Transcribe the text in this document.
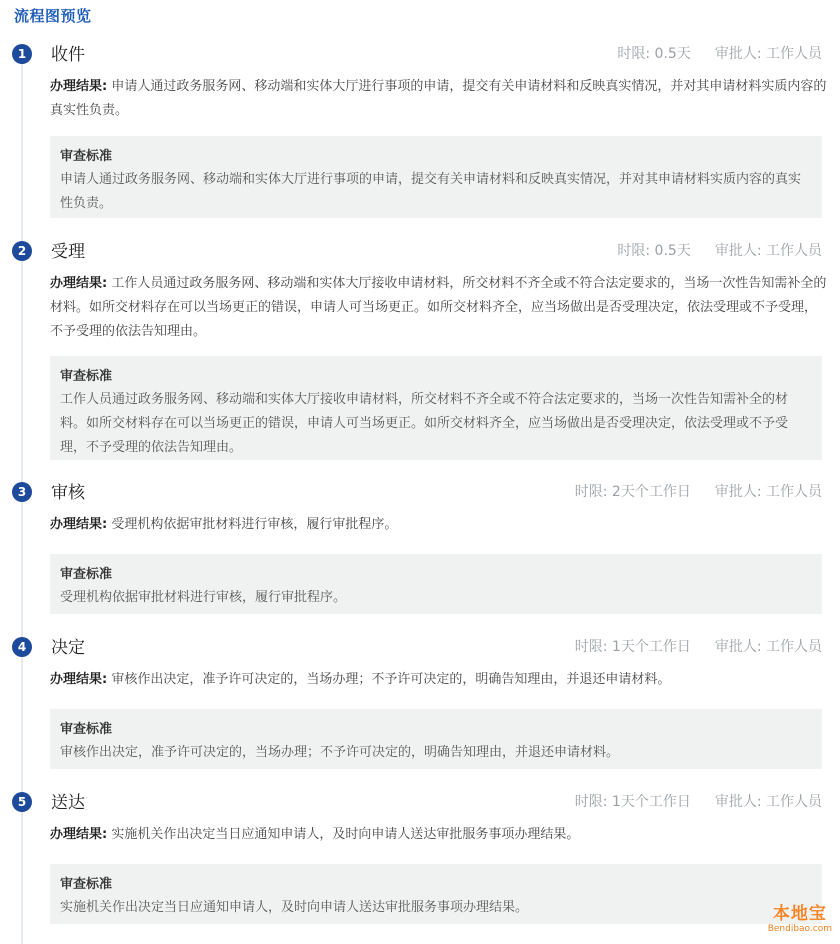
流程图预览
1	收件	时限: 0.5天 审批人: 工作人员
办理结果: 申请人通过政务服务网、移动端和实体大厅进行事项的申请，提交有关申请材料和反映真实情况，并对其申请材料实质内容的真实性负责。
审查标准
申请人通过政务服务网、移动端和实体大厅进行事项的申请，提交有关申请材料和反映真实情况，并对其申请材料实质内容的真实性负责。
2	受理	时限: 0.5天 审批人: 工作人员
办理结果: 工作人员通过政务服务网、移动端和实体大厅接收申请材料，所交材料不齐全或不符合法定要求的，当场一次性告知需补全的材料。如所交材料存在可以当场更正的错误，申请人可当场更正。如所交材料齐全，应当场做出是否受理决定，依法受理或不予受理，不予受理的依法告知理由。
审查标准
工作人员通过政务服务网、移动端和实体大厅接收申请材料，所交材料不齐全或不符合法定要求的，当场一次性告知需补全的材料。如所交材料存在可以当场更正的错误，申请人可当场更正。如所交材料齐全，应当场做出是否受理决定，依法受理或不予受理，不予受理的依法告知理由。
3	审核	时限: 2天个工作日 审批人: 工作人员
办理结果: 受理机构依据审批材料进行审核，履行审批程序。
审查标准
受理机构依据审批材料进行审核，履行审批程序。
4	决定	时限: 1天个工作日 审批人: 工作人员
办理结果: 审核作出决定，准予许可决定的，当场办理；不予许可决定的，明确告知理由，并退还申请材料。
审查标准
审核作出决定，准予许可决定的，当场办理；不予许可决定的，明确告知理由，并退还申请材料。
5	送达	时限: 1天个工作日 审批人: 工作人员
办理结果: 实施机关作出决定当日应通知申请人，及时向申请人送达审批服务事项办理结果。
审查标准
实施机关作出决定当日应通知申请人，及时向申请人送达审批服务事项办理结果。	本地宝
Bendibao.com
